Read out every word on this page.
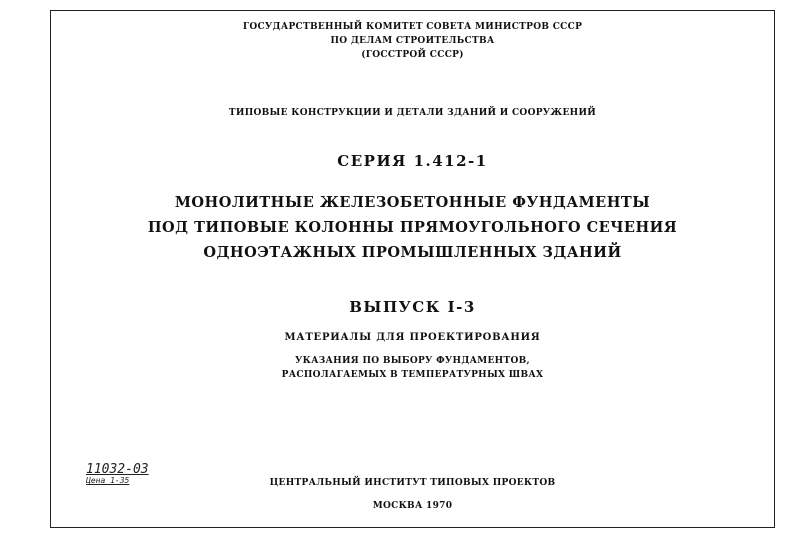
ГОСУДАРСТВЕННЫЙ КОМИТЕТ СОВЕТА МИНИСТРОВ СССР
ПО ДЕЛАМ СТРОИТЕЛЬСТВА
(ГОССТРОЙ СССР)
ТИПОВЫЕ КОНСТРУКЦИИ И ДЕТАЛИ ЗДАНИЙ И СООРУЖЕНИЙ
СЕРИЯ 1.412-1
МОНОЛИТНЫЕ ЖЕЛЕЗОБЕТОННЫЕ ФУНДАМЕНТЫ
ПОД ТИПОВЫЕ КОЛОННЫ ПРЯМОУГОЛЬНОГО СЕЧЕНИЯ
ОДНОЭТАЖНЫХ ПРОМЫШЛЕННЫХ ЗДАНИЙ
ВЫПУСК I-3
МАТЕРИАЛЫ ДЛЯ ПРОЕКТИРОВАНИЯ
УКАЗАНИЯ ПО ВЫБОРУ ФУНДАМЕНТОВ,
РАСПОЛАГАЕМЫХ В ТЕМПЕРАТУРНЫХ ШВАХ
11032-03
Цена 1-35	ЦЕНТРАЛЬНЫЙ ИНСТИТУТ ТИПОВЫХ ПРОЕКТОВ
МОСКВА 1970
